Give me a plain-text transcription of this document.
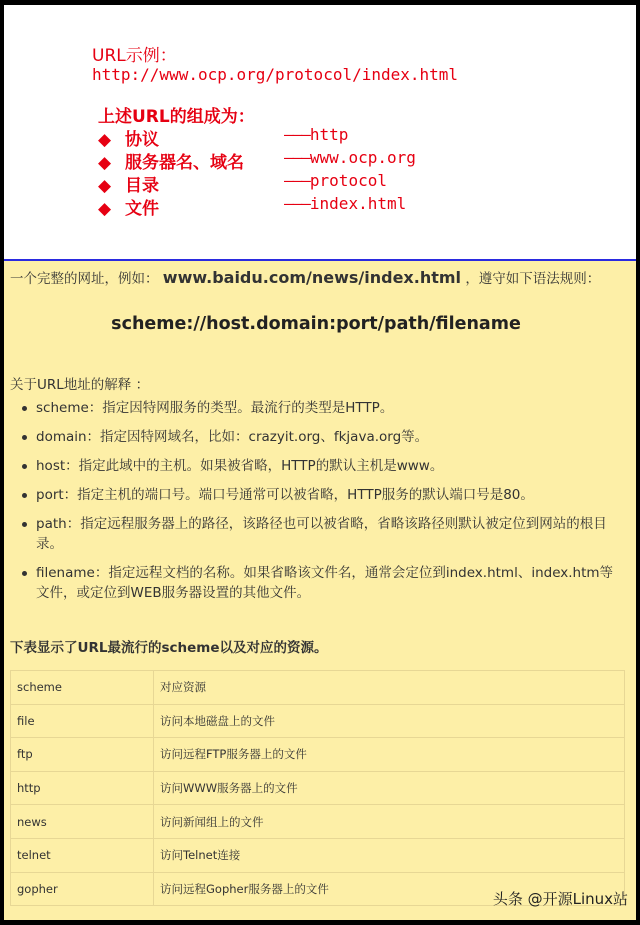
URL示例：
http://www.ocp.org/protocol/index.html
上述URL的组成为：
◆ 协议	———http
◆ 服务器名、域名	———www.ocp.org
◆ 目录	———protocol
◆ 文件	———index.html
一个完整的网址，例如： www.baidu.com/news/index.html ，遵守如下语法规则：
scheme://host.domain:port/path/filename
关于URL地址的解释 ：
scheme：指定因特网服务的类型。最流行的类型是HTTP。
domain：指定因特网域名，比如：crazyit.org、fkjava.org等。
host：指定此域中的主机。如果被省略，HTTP的默认主机是www。
port：指定主机的端口号。端口号通常可以被省略，HTTP服务的默认端口号是80。
path：指定远程服务器上的路径，该路径也可以被省略，省略该路径则默认被定位到网站的根目录。
filename：指定远程文档的名称。如果省略该文件名，通常会定位到index.html、index.htm等文件，或定位到WEB服务器设置的其他文件。
下表显示了URL最流行的scheme以及对应的资源。
scheme	对应资源
file	访问本地磁盘上的文件
ftp	访问远程FTP服务器上的文件
http	访问WWW服务器上的文件
news	访问新闻组上的文件
telnet	访问Telnet连接
gopher	访问远程Gopher服务器上的文件
头条 @开源Linux站
